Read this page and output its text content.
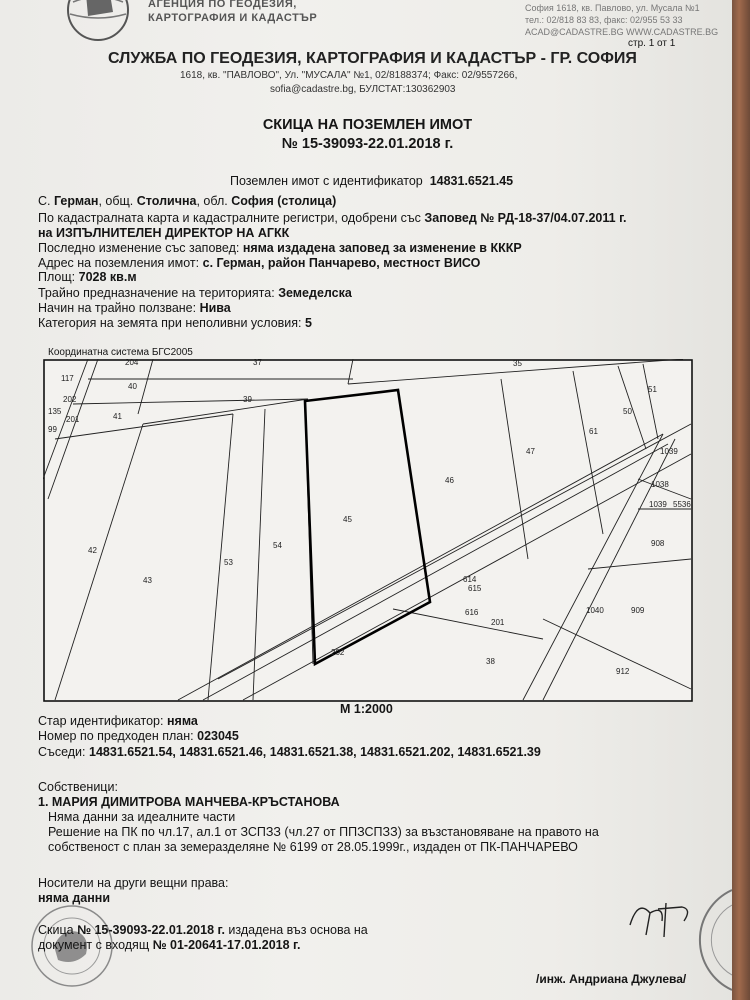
АГЕНЦИЯ ПО ГЕОДЕЗИЯ,
КАРТОГРАФИЯ И КАДАСТЪР
София 1618, кв. Павлово, ул. Мусала №1
тел.: 02/818 83 83, факс: 02/955 53 33
ACAD@CADASTRE.BG WWW.CADASTRE.BG
стр. 1 от 1
СЛУЖБА ПО ГЕОДЕЗИЯ, КАРТОГРАФИЯ И КАДАСТЪР - ГР. СОФИЯ
1618, кв. "ПАВЛОВО", Ул. "МУСАЛА" №1, 02/8188374; Факс: 02/9557266,
sofia@cadastre.bg, БУЛСТАТ:130362903
СКИЦА НА ПОЗЕМЛЕН ИМОТ
№ 15-39093-22.01.2018 г.
Поземлен имот с идентификатор 14831.6521.45
С. Герман, общ. Столична, обл. София (столица)
По кадастралната карта и кадастралните регистри, одобрени със Заповед № РД-18-37/04.07.2011 г.
на ИЗПЪЛНИТЕЛЕН ДИРЕКТОР НА АГКК
Последно изменение със заповед: няма издадена заповед за изменение в КККР
Адрес на поземления имот: с. Герман, район Панчарево, местност ВИСО
Площ: 7028 кв.м
Трайно предназначение на територията: Земеделска
Начин на трайно ползване: Нива
Категория на земята при неполивни условия: 5
Координатна система БГС2005
117
40
202
135
201
99
41
39
42
43
53
54
45
46
47
61
50
51
1039
1038
1039 5536
908
909
1040
614
615
616
201
202
38
912
37	35
204
М 1:2000
Стар идентификатор: няма
Номер по предходен план: 023045
Съседи: 14831.6521.54, 14831.6521.46, 14831.6521.38, 14831.6521.202, 14831.6521.39
Собственици:
1. МАРИЯ ДИМИТРОВА МАНЧЕВА-КРЪСТАНОВА
Няма данни за идеалните части
Решение на ПК по чл.17, ал.1 от ЗСПЗЗ (чл.27 от ППЗСПЗЗ) за възстановяване на правото на
собственост с план за земеразделяне № 6199 от 28.05.1999г., издаден от ПК-ПАНЧАРЕВО
Носители на други вещни права:
няма данни
Скица № 15-39093-22.01.2018 г. издадена въз основа на
документ с входящ № 01-20641-17.01.2018 г.
/инж. Андриана Джулева/
